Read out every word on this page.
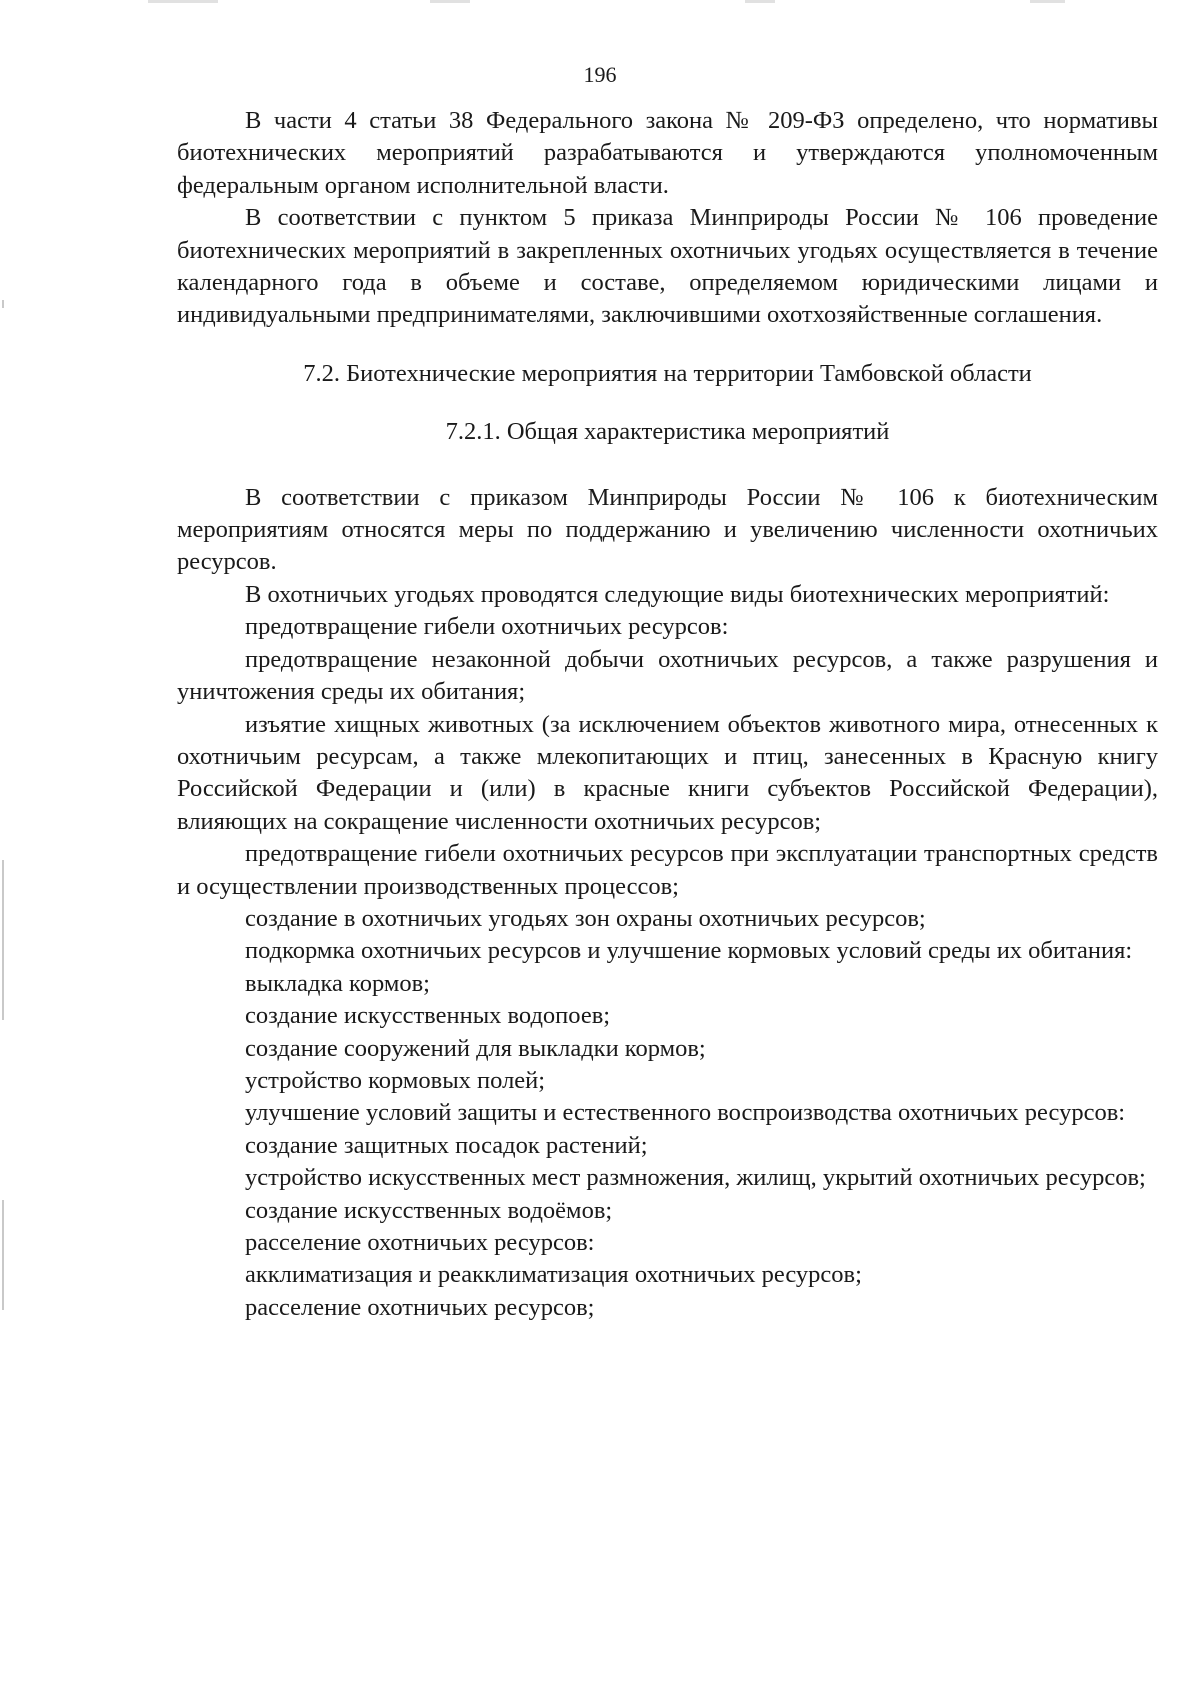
196

В части 4 статьи 38 Федерального закона № 209-ФЗ определено, что нормативы биотехнических мероприятий разрабатываются и утверждаются уполномоченным федеральным органом исполнительной власти.

В соответствии с пунктом 5 приказа Минприроды России № 106 проведение биотехнических мероприятий в закрепленных охотничьих угодьях осуществляется в течение календарного года в объеме и составе, определяемом юридическими лицами и индивидуальными предпринимателями, заключившими охотхозяйственные соглашения.

7.2. Биотехнические мероприятия на территории Тамбовской области
7.2.1. Общая характеристика мероприятий

В соответствии с приказом Минприроды России № 106 к биотехническим мероприятиям относятся меры по поддержанию и увеличению численности охотничьих ресурсов.

В охотничьих угодьях проводятся следующие виды биотехнических мероприятий:

предотвращение гибели охотничьих ресурсов:

предотвращение незаконной добычи охотничьих ресурсов, а также разрушения и уничтожения среды их обитания;

изъятие хищных животных (за исключением объектов животного мира, отнесенных к охотничьим ресурсам, а также млекопитающих и птиц, занесенных в Красную книгу Российской Федерации и (или) в красные книги субъектов Российской Федерации), влияющих на сокращение численности охотничьих ресурсов;

предотвращение гибели охотничьих ресурсов при эксплуатации транспортных средств и осуществлении производственных процессов;

создание в охотничьих угодьях зон охраны охотничьих ресурсов;

подкормка охотничьих ресурсов и улучшение кормовых условий среды их обитания:

выкладка кормов;

создание искусственных водопоев;

создание сооружений для выкладки кормов;

устройство кормовых полей;

улучшение условий защиты и естественного воспроизводства охотничьих ресурсов:

создание защитных посадок растений;

устройство искусственных мест размножения, жилищ, укрытий охотничьих ресурсов;

создание искусственных водоёмов;

расселение охотничьих ресурсов:

акклиматизация и реакклиматизация охотничьих ресурсов;

расселение охотничьих ресурсов;
